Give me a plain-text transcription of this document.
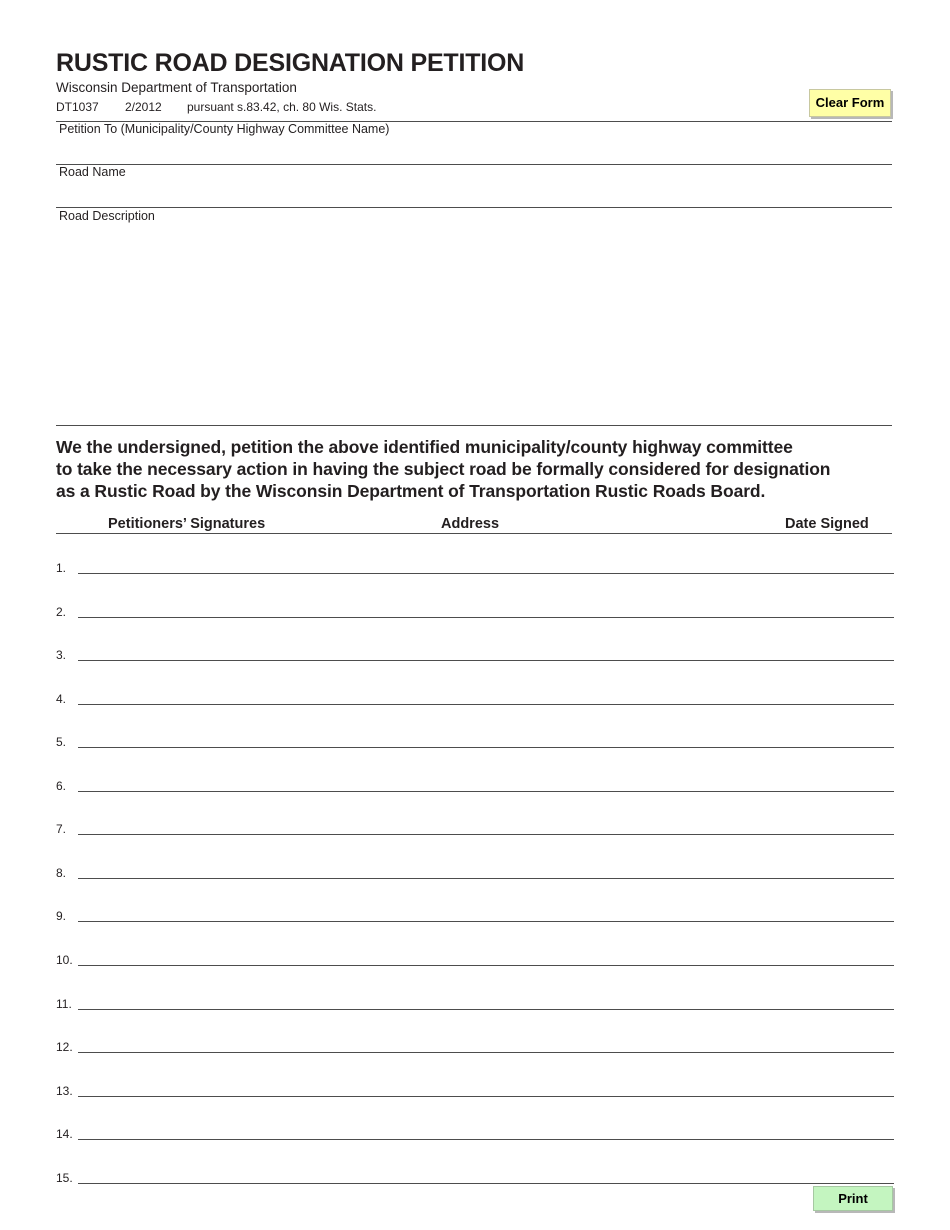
RUSTIC ROAD DESIGNATION PETITION
Wisconsin Department of Transportation
DT1037 2/2012 pursuant s.83.42, ch. 80 Wis. Stats.	Clear Form
Petition To (Municipality/County Highway Committee Name)
Road Name
Road Description
We the undersigned, petition the above identified municipality/county highway committee
to take the necessary action in having the subject road be formally considered for designation
as a Rustic Road by the Wisconsin Department of Transportation Rustic Roads Board.
Petitioners’ Signatures	Address	Date Signed
1.
2.
3.
4.
5.
6.
7.
8.
9.
10.
11.
12.
13.
14.
15.
Print
